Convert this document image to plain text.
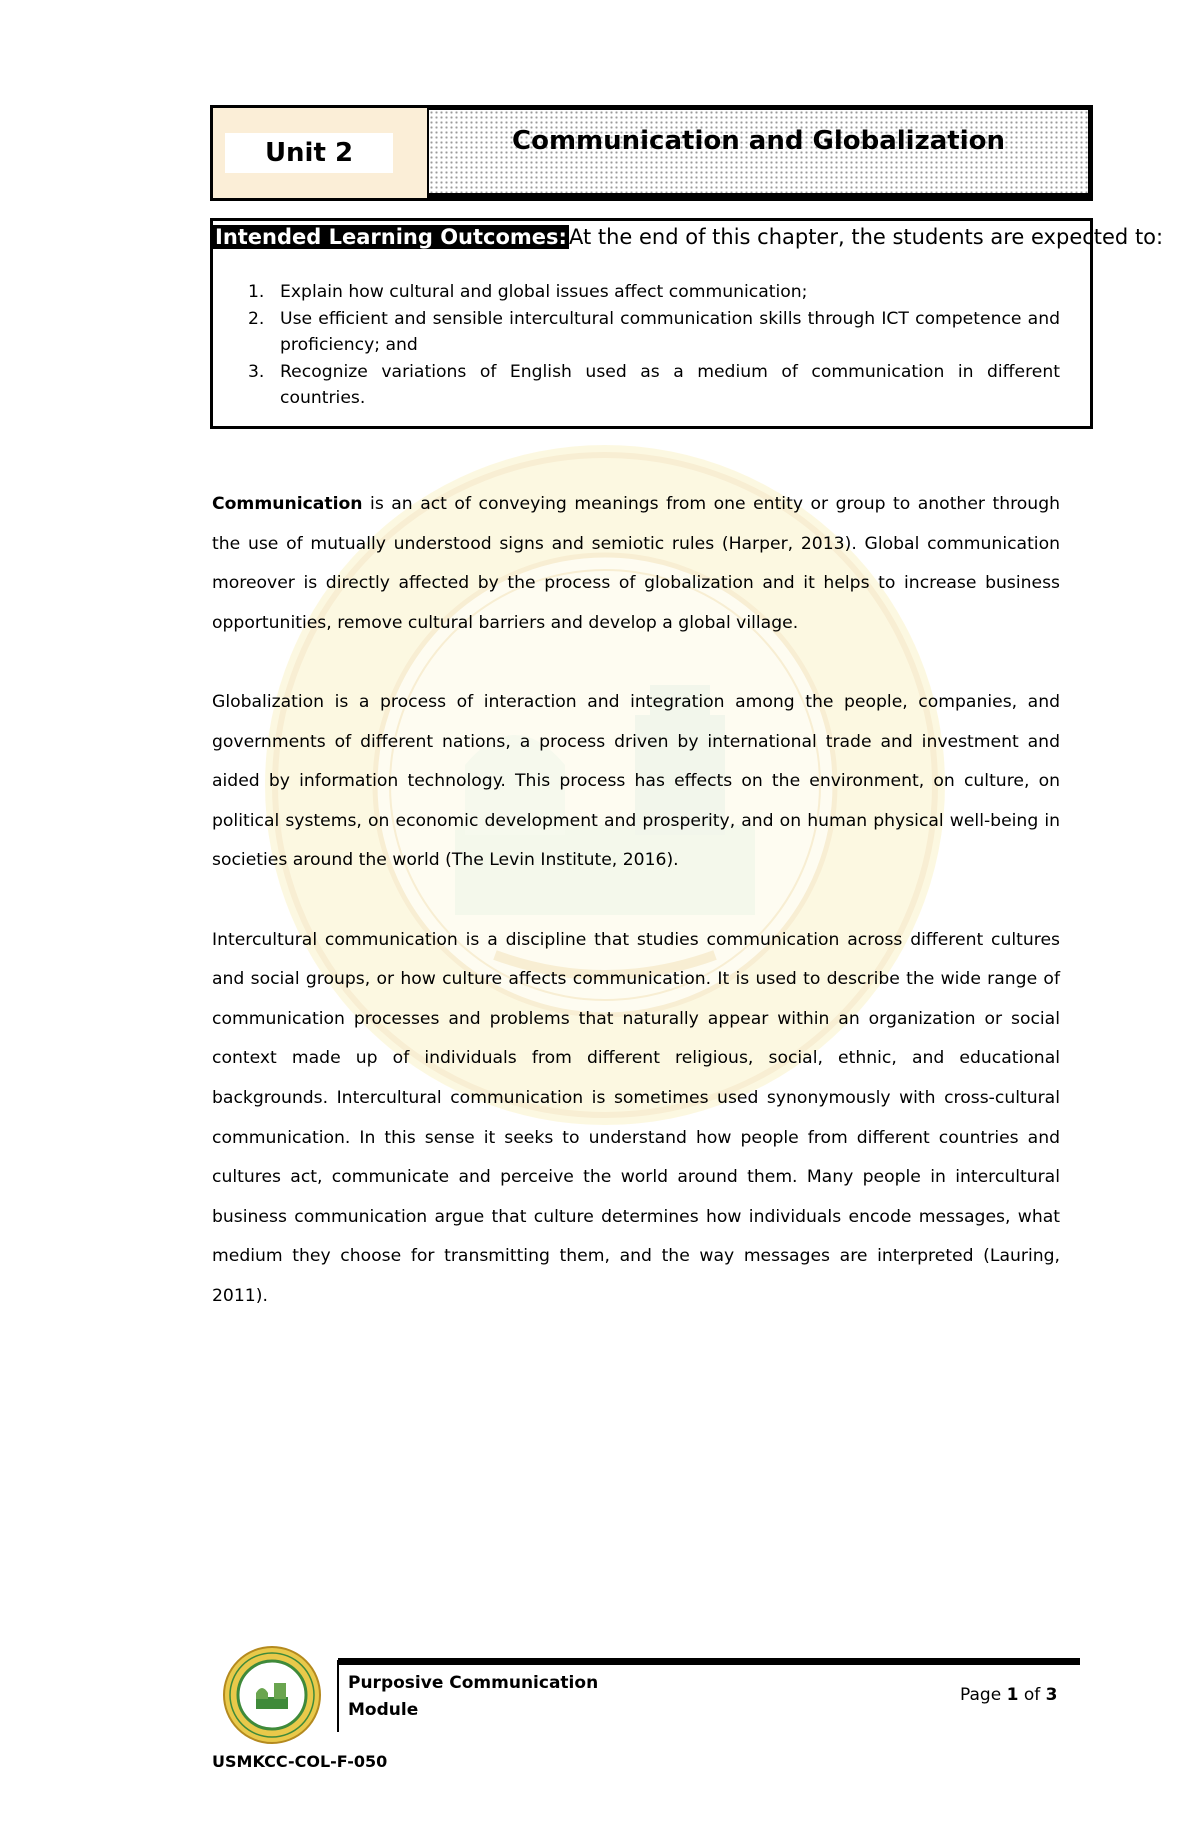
Unit 2	Communication and Globalization
Intended Learning Outcomes:At the end of this chapter, the students are expected to:
1. Explain how cultural and global issues affect communication;
2. Use efficient and sensible intercultural communication skills through ICT competence and proficiency; and
3. Recognize variations of English used as a medium of communication in different countries.

Communication is an act of conveying meanings from one entity or group to another through the use of mutually understood signs and semiotic rules (Harper, 2013). Global communication moreover is directly affected by the process of globalization and it helps to increase business opportunities, remove cultural barriers and develop a global village.

Globalization is a process of interaction and integration among the people, companies, and governments of different nations, a process driven by international trade and investment and aided by information technology. This process has effects on the environment, on culture, on political systems, on economic development and prosperity, and on human physical well-being in societies around the world (The Levin Institute, 2016).

Intercultural communication is a discipline that studies communication across different cultures and social groups, or how culture affects communication. It is used to describe the wide range of communication processes and problems that naturally appear within an organization or social context made up of individuals from different religious, social, ethnic, and educational backgrounds. Intercultural communication is sometimes used synonymously with cross-cultural communication. In this sense it seeks to understand how people from different countries and cultures act, communicate and perceive the world around them. Many people in intercultural business communication argue that culture determines how individuals encode messages, what medium they choose for transmitting them, and the way messages are interpreted (Lauring, 2011).

Purposive Communication
Module
Page 1 of 3
USMKCC-COL-F-050
